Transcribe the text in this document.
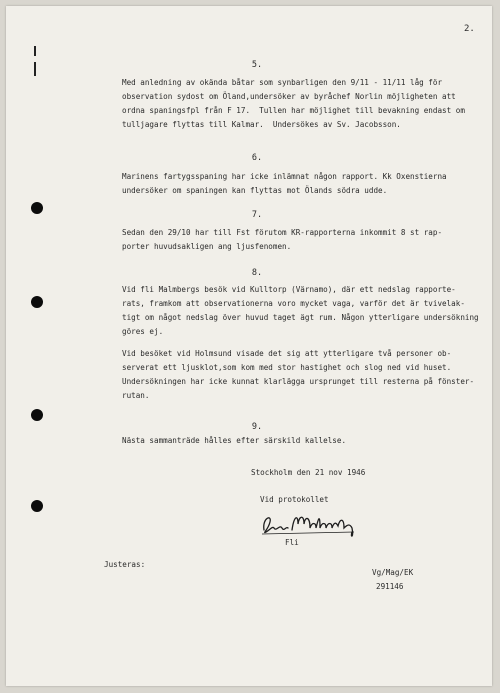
2.
5.
Med anledning av okända båtar som synbarligen den 9/11 - 11/11 låg för
observation sydost om Öland,undersöker av byråchef Norlin möjligheten att
ordna spaningsfpl från F 17.  Tullen har möjlighet till bevakning endast om
tulljagare flyttas till Kalmar.  Undersökes av Sv. Jacobsson.
6.
Marinens fartygsspaning har icke inlämnat någon rapport. Kk Oxenstierna
undersöker om spaningen kan flyttas mot Ölands södra udde.
7.
Sedan den 29/10 har till Fst förutom KR-rapporterna inkommit 8 st rap-
porter huvudsakligen ang ljusfenomen.
8.
Vid fli Malmbergs besök vid Kulltorp (Värnamo), där ett nedslag rapporte-
rats, framkom att observationerna voro mycket vaga, varför det är tvivelak-
tigt om något nedslag över huvud taget ägt rum. Någon ytterligare undersökning
göres ej.
Vid besöket vid Holmsund visade det sig att ytterligare två personer ob-
serverat ett ljusklot,som kom med stor hastighet och slog ned vid huset.
Undersökningen har icke kunnat klarlägga ursprunget till resterna på fönster-
rutan.
9.
Nästa sammanträde hålles efter särskild kallelse.
Stockholm den 21 nov 1946
Vid protokollet
Fli
Justeras:
Vg/Mag/EK
291146
